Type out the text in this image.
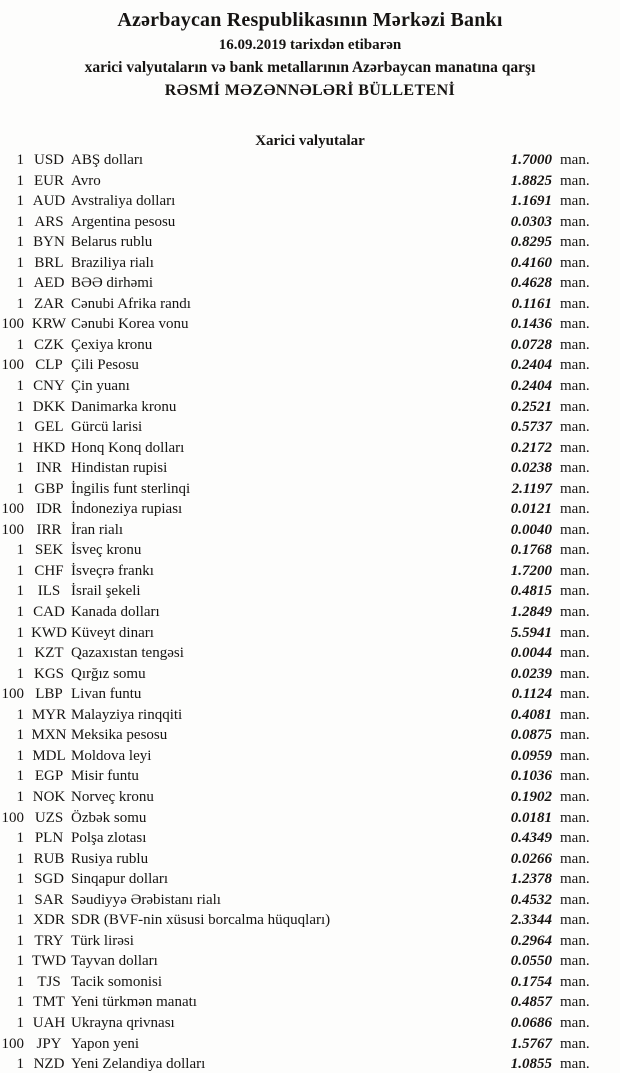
Azərbaycan Respublikasının Mərkəzi Bankı
16.09.2019 tarixdən etibarən
xarici valyutaların və bank metallarının Azərbaycan manatına qarşı
RƏSMİ MƏZƏNNƏLƏRİ BÜLLETENİ
Xarici valyutalar
1 USD ABŞ dolları	1.7000 man.
1 EUR Avro	1.8825 man.
1 AUD Avstraliya dolları	1.1691 man.
1 ARS Argentina pesosu	0.0303 man.
1 BYN Belarus rublu	0.8295 man.
1 BRL Braziliya rialı	0.4160 man.
1 AED BƏƏ dirhəmi	0.4628 man.
1 ZAR Cənubi Afrika randı	0.1161 man.
100 KRW Cənubi Korea vonu	0.1436 man.
1 CZK Çexiya kronu	0.0728 man.
100 CLP Çili Pesosu	0.2404 man.
1 CNY Çin yuanı	0.2404 man.
1 DKK Danimarka kronu	0.2521 man.
1 GEL Gürcü larisi	0.5737 man.
1 HKD Honq Konq dolları	0.2172 man.
1 INR Hindistan rupisi	0.0238 man.
1 GBP İngilis funt sterlinqi	2.1197 man.
100 IDR İndoneziya rupiası	0.0121 man.
100 IRR İran rialı	0.0040 man.
1 SEK İsveç kronu	0.1768 man.
1 CHF İsveçrə frankı	1.7200 man.
1 ILS İsrail şekeli	0.4815 man.
1 CAD Kanada dolları	1.2849 man.
1 KWD Küveyt dinarı	5.5941 man.
1 KZT Qazaxıstan tengəsi	0.0044 man.
1 KGS Qırğız somu	0.0239 man.
100 LBP Livan funtu	0.1124 man.
1 MYR Malayziya rinqqiti	0.4081 man.
1 MXN Meksika pesosu	0.0875 man.
1 MDL Moldova leyi	0.0959 man.
1 EGP Misir funtu	0.1036 man.
1 NOK Norveç kronu	0.1902 man.
100 UZS Özbək somu	0.0181 man.
1 PLN Polşa zlotası	0.4349 man.
1 RUB Rusiya rublu	0.0266 man.
1 SGD Sinqapur dolları	1.2378 man.
1 SAR Səudiyyə Ərəbistanı rialı	0.4532 man.
1 XDR SDR (BVF-nin xüsusi borcalma hüquqları)	2.3344 man.
1 TRY Türk lirəsi	0.2964 man.
1 TWD Tayvan dolları	0.0550 man.
1 TJS Tacik somonisi	0.1754 man.
1 TMT Yeni türkmən manatı	0.4857 man.
1 UAH Ukrayna qrivnası	0.0686 man.
100 JPY Yapon yeni	1.5767 man.
1 NZD Yeni Zelandiya dolları	1.0855 man.
